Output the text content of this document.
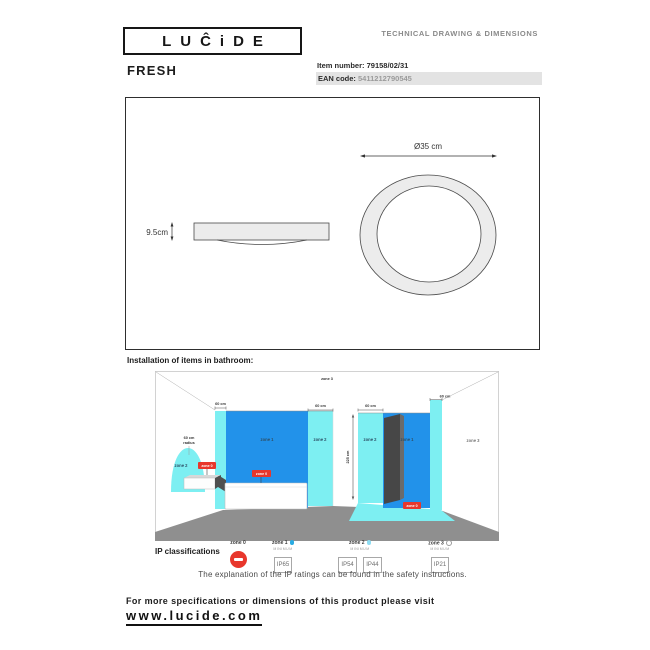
LUĈiDE	TECHNICAL DRAWING & DIMENSIONS
FRESH	Item number: 79158/02/31
EAN code: 5411212790545
9.5cm
Ø35 cm
Installation of items in bathroom:
60 cm
radius
225 cm
60 cm	60 cm	60 cm
60 cm
zone 3
zone 1	zone 2	zone 2	zone 1	zone 3
zone 2	zone 0
zone 0
zone 0
IP classifications
zone 0	zone 1
MINIMUM
IP65
zone 2
MINIMUM
IP54 IP44
zone 3
MINIMUM
IP21
The explanation of the IP ratings can be found in the safety instructions.
For more specifications or dimensions of this product please visit
www.lucide.com
